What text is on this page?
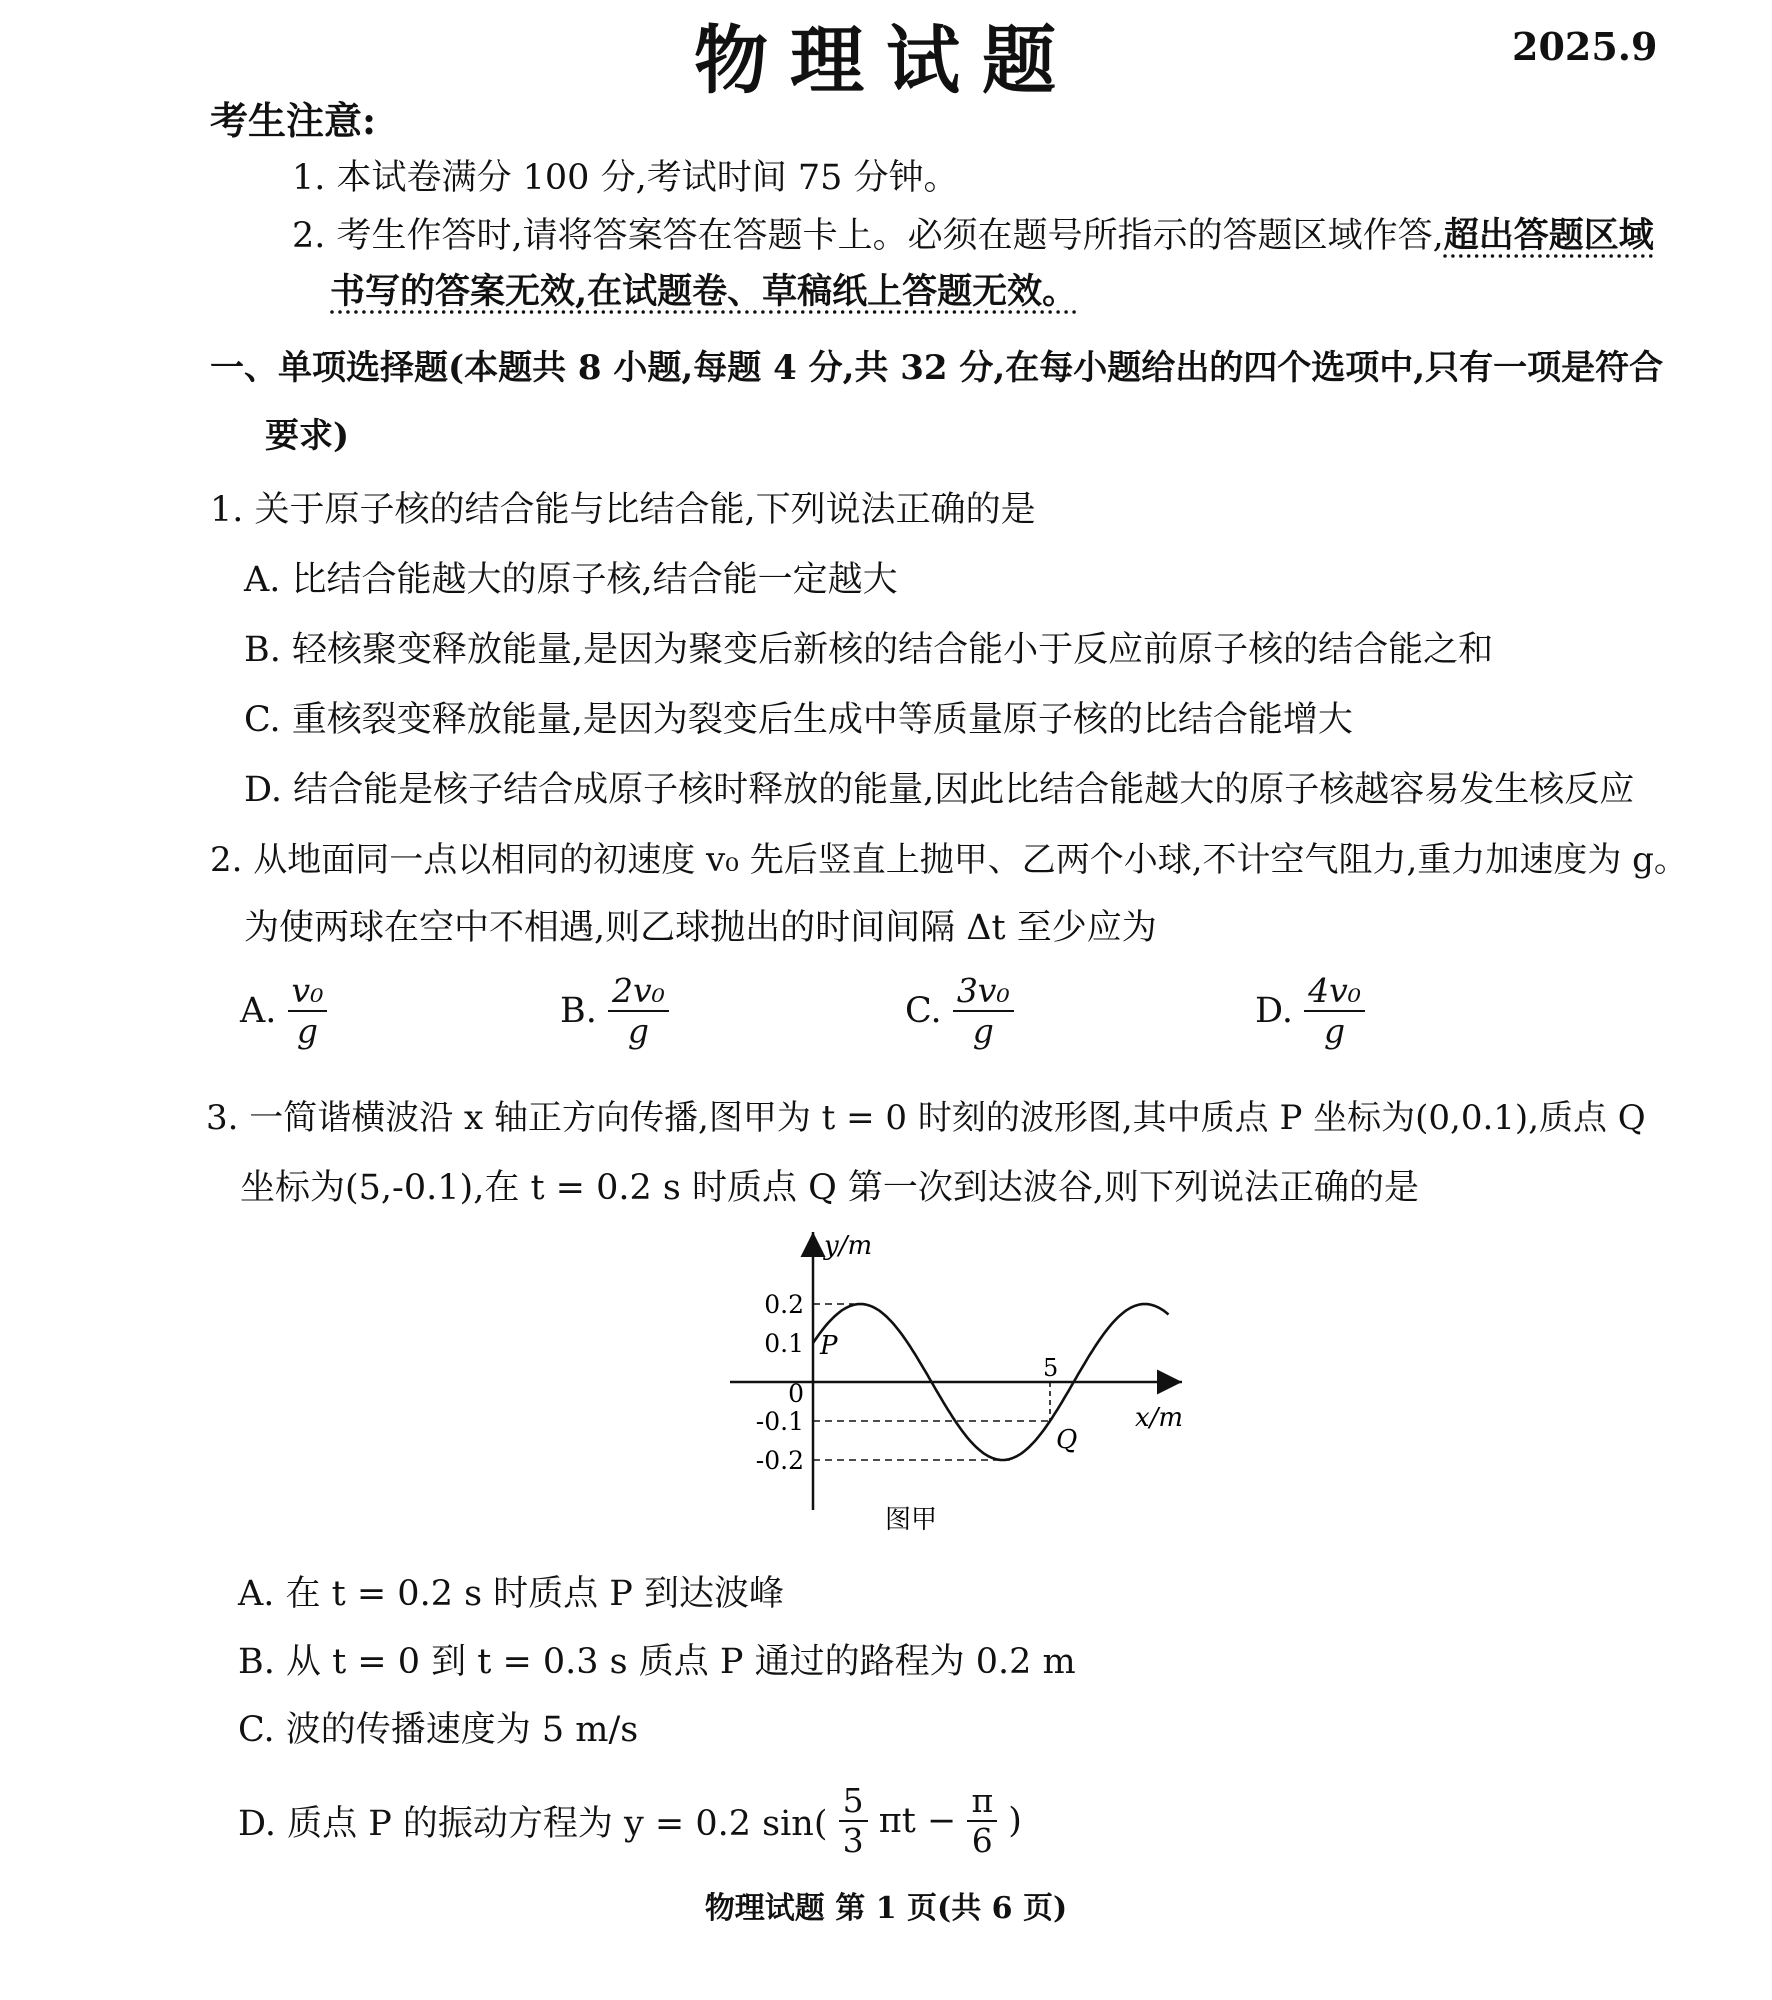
物理试题	2025.9
考生注意:
1. 本试卷满分 100 分,考试时间 75 分钟。
2. 考生作答时,请将答案答在答题卡上。必须在题号所指示的答题区域作答,超出答题区域
书写的答案无效,在试题卷、草稿纸上答题无效。
一、单项选择题(本题共 8 小题,每题 4 分,共 32 分,在每小题给出的四个选项中,只有一项是符合
要求)
1. 关于原子核的结合能与比结合能,下列说法正确的是
A. 比结合能越大的原子核,结合能一定越大
B. 轻核聚变释放能量,是因为聚变后新核的结合能小于反应前原子核的结合能之和
C. 重核裂变释放能量,是因为裂变后生成中等质量原子核的比结合能增大
D. 结合能是核子结合成原子核时释放的能量,因此比结合能越大的原子核越容易发生核反应
2. 从地面同一点以相同的初速度 v₀ 先后竖直上抛甲、乙两个小球,不计空气阻力,重力加速度为 g。
为使两球在空中不相遇,则乙球抛出的时间间隔 Δt 至少应为
A. $\frac{\text{v₀}}{g}$	B. $\frac{\text{2v₀}}{g}$	C. $\frac{\text{3v₀}}{g}$	D. $\frac{\text{4v₀}}{g}$
3. 一简谐横波沿 x 轴正方向传播,图甲为 t = 0 时刻的波形图,其中质点 P 坐标为(0,0.1),质点 Q
坐标为(5,-0.1),在 t = 0.2 s 时质点 Q 第一次到达波谷,则下列说法正确的是
y/m
x/m
0.2
0.1
0
-0.1
-0.2
5
P
Q
图甲
A. 在 t = 0.2 s 时质点 P 到达波峰
B. 从 t = 0 到 t = 0.3 s 质点 P 通过的路程为 0.2 m
C. 波的传播速度为 5 m/s
D. 质点 P 的振动方程为 y = 0.2 $\sin( \frac{5}{3}$ $\pi t - \frac{\pi}{6}$ )
物理试题 第 1 页(共 6 页)
